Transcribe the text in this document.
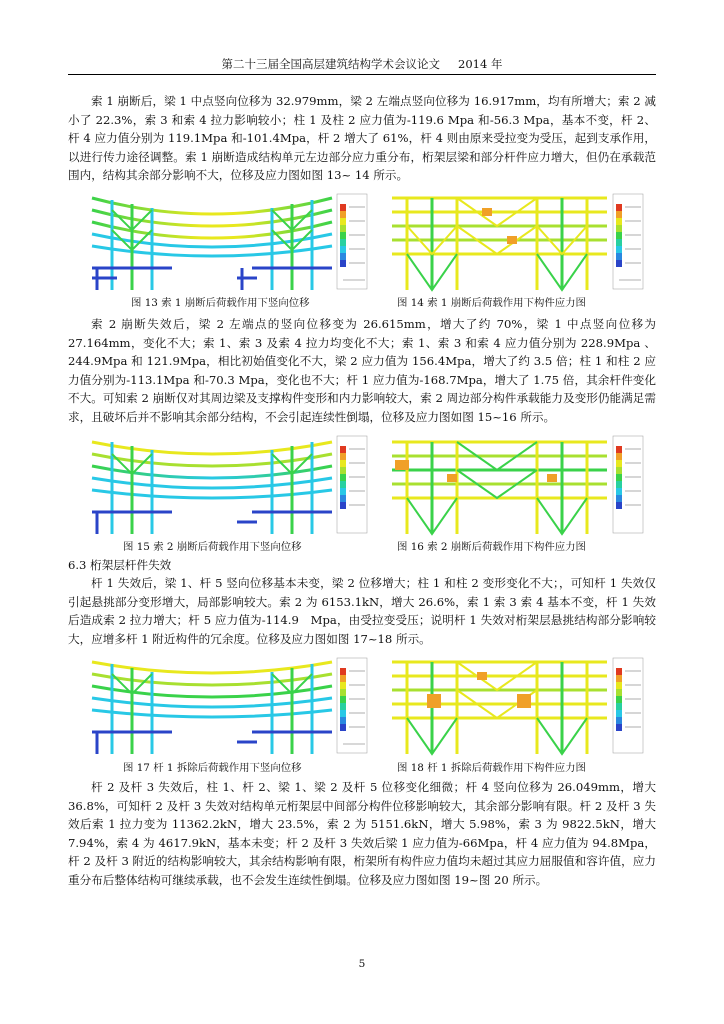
第二十三届全国高层建筑结构学术会议论文 2014 年

索 1 崩断后，梁 1 中点竖向位移为 32.979mm，梁 2 左端点竖向位移为 16.917mm，均有所增大；索 2 减小了 22.3%，索 3 和索 4 拉力影响较小；柱 1 及柱 2 应力值为-119.6 Mpa 和-56.3 Mpa，基本不变，杆 2、杆 4 应力值分别为 119.1Mpa 和-101.4Mpa，杆 2 增大了 61%，杆 4 则由原来受拉变为受压，起到支承作用，以进行传力途径调整。索 1 崩断造成结构单元左边部分应力重分布，桁架层梁和部分杆件应力增大，但仍在承载范围内，结构其余部分影响不大，位移及应力图如图 13~ 14 所示。

图 13 索 1 崩断后荷载作用下竖向位移	图 14 索 1 崩断后荷载作用下构件应力图

索 2 崩断失效后，梁 2 左端点的竖向位移变为 26.615mm，增大了约 70%，梁 1 中点竖向位移为 27.164mm，变化不大；索 1、索 3 及索 4 拉力均变化不大；索 1、索 3 和索 4 应力值分别为 228.9Mpa 、244.9Mpa 和 121.9Mpa，相比初始值变化不大，梁 2 应力值为 156.4Mpa，增大了约 3.5 倍；柱 1 和柱 2 应力值分别为-113.1Mpa 和-70.3 Mpa，变化也不大；杆 1 应力值为-168.7Mpa，增大了 1.75 倍，其余杆件变化不大。可知索 2 崩断仅对其周边梁及支撑构件变形和内力影响较大，索 2 周边部分构件承载能力及变形仍能满足需求，且破坏后并不影响其余部分结构，不会引起连续性倒塌，位移及应力图如图 15~16 所示。

图 15 索 2 崩断后荷载作用下竖向位移	图 16 索 2 崩断后荷载作用下构件应力图

6.3 桁架层杆件失效

杆 1 失效后，梁 1、杆 5 竖向位移基本未变，梁 2 位移增大；柱 1 和柱 2 变形变化不大；，可知杆 1 失效仅引起悬挑部分变形增大，局部影响较大。索 2 为 6153.1kN，增大 26.6%，索 1 索 3 索 4 基本不变，杆 1 失效后造成索 2 拉力增大；杆 5 应力值为-114.9　Mpa，由受拉变受压；说明杆 1 失效对桁架层悬挑结构部分影响较大，应增多杆 1 附近构件的冗余度。位移及应力图如图 17~18 所示。

图 17 杆 1 拆除后荷载作用下竖向位移	图 18 杆 1 拆除后荷载作用下构件应力图

杆 2 及杆 3 失效后，柱 1、杆 2、梁 1、梁 2 及杆 5 位移变化细微；杆 4 竖向位移为 26.049mm，增大 36.8%，可知杆 2 及杆 3 失效对结构单元桁架层中间部分构件位移影响较大，其余部分影响有限。杆 2 及杆 3 失效后索 1 拉力变为 11362.2kN，增大 23.5%，索 2 为 5151.6kN，增大 5.98%，索 3 为 9822.5kN，增大 7.94%，索 4 为 4617.9kN，基本未变；杆 2 及杆 3 失效后梁 1 应力值为-66Mpa，杆 4 应力值为 94.8Mpa，杆 2 及杆 3 附近的结构影响较大，其余结构影响有限，桁架所有构件应力值均未超过其应力屈服值和容许值，应力重分布后整体结构可继续承载，也不会发生连续性倒塌。位移及应力图如图 19~图 20 所示。

5
